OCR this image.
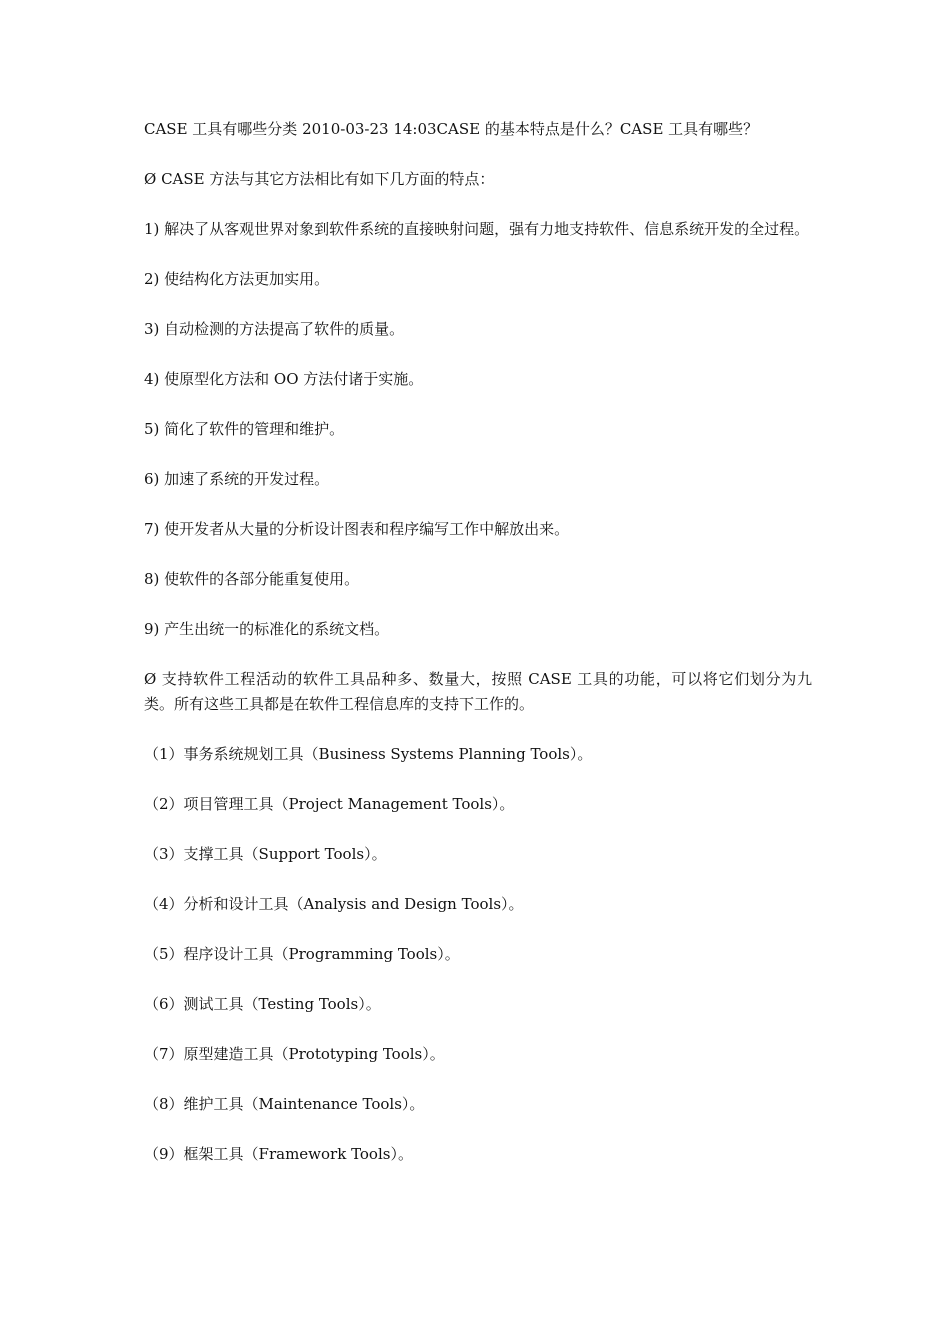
CASE 工具有哪些分类 2010-03-23 14:03CASE 的基本特点是什么？CASE 工具有哪些？

Ø CASE 方法与其它方法相比有如下几方面的特点：

1) 解决了从客观世界对象到软件系统的直接映射问题，强有力地支持软件、信息系统开发的全过程。

2) 使结构化方法更加实用。

3) 自动检测的方法提高了软件的质量。

4) 使原型化方法和 OO 方法付诸于实施。

5) 简化了软件的管理和维护。

6) 加速了系统的开发过程。

7) 使开发者从大量的分析设计图表和程序编写工作中解放出来。

8) 使软件的各部分能重复使用。

9) 产生出统一的标准化的系统文档。

Ø 支持软件工程活动的软件工具品种多、数量大，按照 CASE 工具的功能，可以将它们划分为九类。所有这些工具都是在软件工程信息库的支持下工作的。

（1）事务系统规划工具（Business Systems Planning Tools）。

（2）项目管理工具（Project Management Tools）。

（3）支撑工具（Support Tools）。

（4）分析和设计工具（Analysis and Design Tools）。

（5）程序设计工具（Programming Tools）。

（6）测试工具（Testing Tools）。

（7）原型建造工具（Prototyping Tools）。

（8）维护工具（Maintenance Tools）。

（9）框架工具（Framework Tools）。
